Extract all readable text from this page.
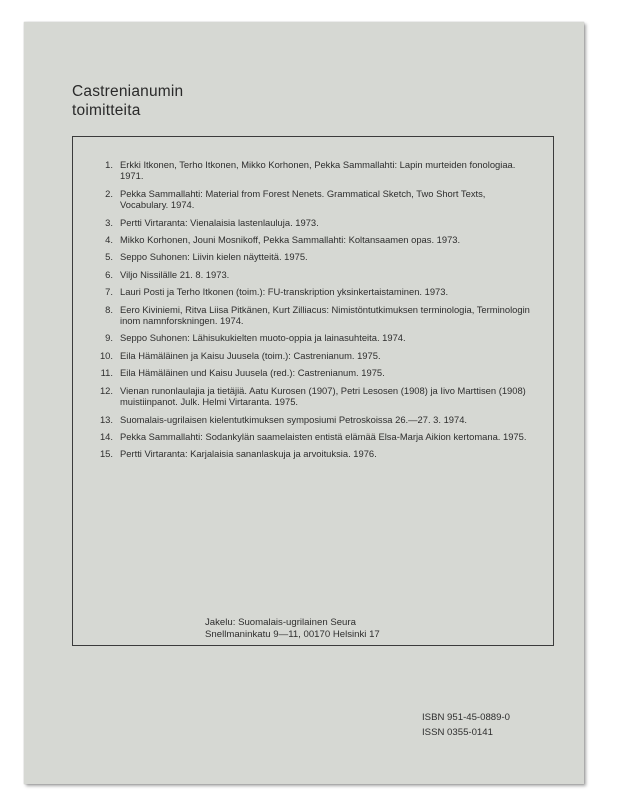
Castrenianumin
toimitteita
1. Erkki Itkonen, Terho Itkonen, Mikko Korhonen, Pekka Sammallahti: Lapin murteiden fonologiaa. 1971.
2. Pekka Sammallahti: Material from Forest Nenets. Grammatical Sketch, Two Short Texts, Vocabulary. 1974.
3. Pertti Virtaranta: Vienalaisia lastenlauluja. 1973.
4. Mikko Korhonen, Jouni Mosnikoff, Pekka Sammallahti: Koltansaamen opas. 1973.
5. Seppo Suhonen: Liivin kielen näytteitä. 1975.
6. Viljo Nissilälle 21. 8. 1973.
7. Lauri Posti ja Terho Itkonen (toim.): FU-transkription yksinkertaistaminen. 1973.
8. Eero Kiviniemi, Ritva Liisa Pitkänen, Kurt Zilliacus: Nimistöntutkimuksen terminologia, Terminologin inom namnforskningen. 1974.
9. Seppo Suhonen: Lähisukukielten muoto-oppia ja lainasuhteita. 1974.
10. Eila Hämäläinen ja Kaisu Juusela (toim.): Castrenianum. 1975.
11. Eila Hämäläinen und Kaisu Juusela (red.): Castrenianum. 1975.
12. Vienan runonlaulajia ja tietäjiä. Aatu Kurosen (1907), Petri Lesosen (1908) ja Iivo Marttisen (1908) muistiinpanot. Julk. Helmi Virtaranta. 1975.
13. Suomalais-ugrilaisen kielentutkimuksen symposiumi Petroskoissa 26.—27. 3. 1974.
14. Pekka Sammallahti: Sodankylän saamelaisten entistä elämää Elsa-Marja Aikion kertomana. 1975.
15. Pertti Virtaranta: Karjalaisia sananlaskuja ja arvoituksia. 1976.
Jakelu: Suomalais-ugrilainen Seura
Snellmaninkatu 9—11, 00170 Helsinki 17
ISBN 951-45-0889-0
ISSN 0355-0141
